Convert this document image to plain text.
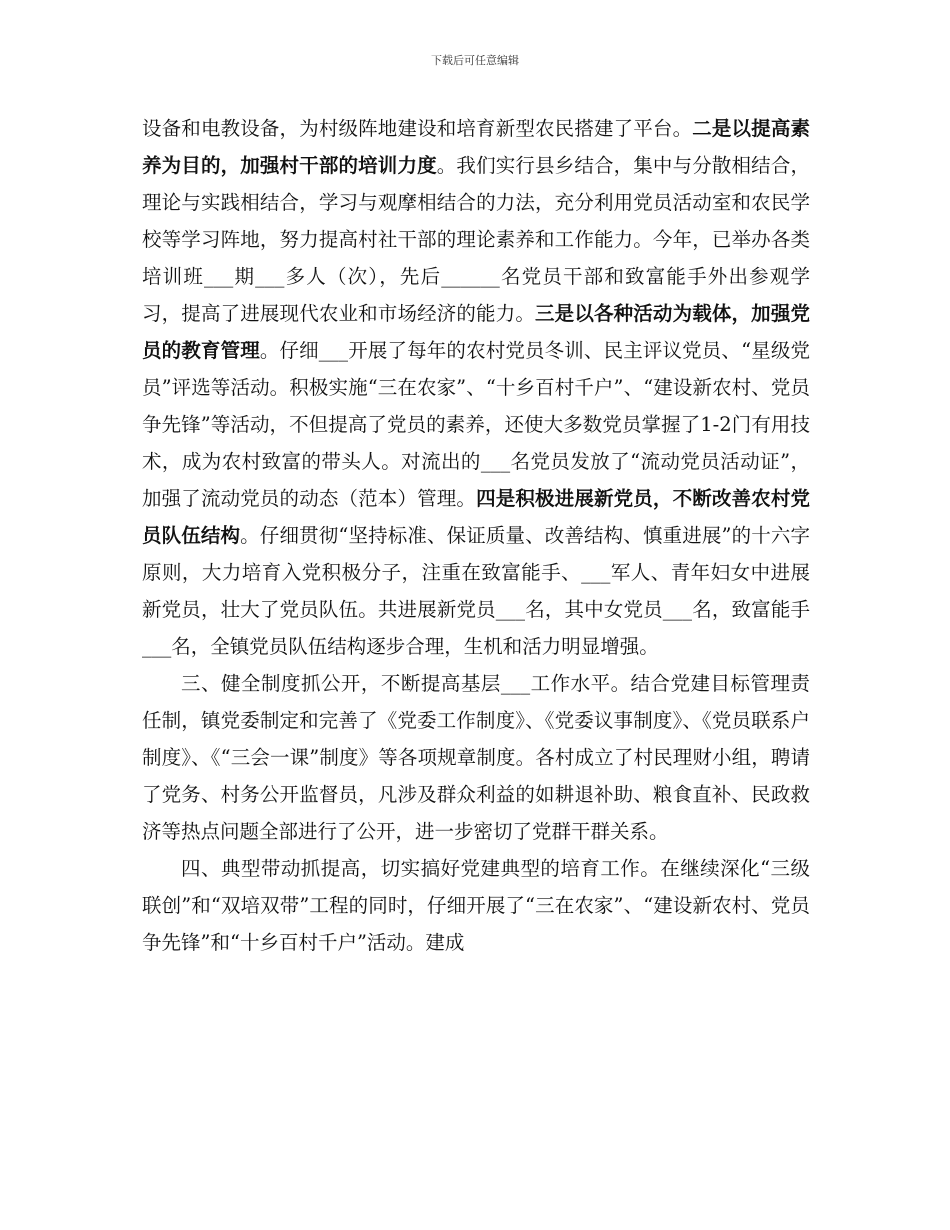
下载后可任意编辑

设备和电教设备，为村级阵地建设和培育新型农民搭建了平台。二是以提高素养为目的，加强村干部的培训力度。我们实行县乡结合，集中与分散相结合，理论与实践相结合，学习与观摩相结合的力法，充分利用党员活动室和农民学校等学习阵地，努力提高村社干部的理论素养和工作能力。今年，已举办各类培训班___期___多人（次），先后______名党员干部和致富能手外出参观学习，提高了进展现代农业和市场经济的能力。三是以各种活动为载体，加强党员的教育管理。仔细___开展了每年的农村党员冬训、民主评议党员、“星级党员”评选等活动。积极实施“三在农家”、“十乡百村千户”、“建设新农村、党员争先锋”等活动，不但提高了党员的素养，还使大多数党员掌握了1-2门有用技术，成为农村致富的带头人。对流出的___名党员发放了“流动党员活动证”，加强了流动党员的动态（范本）管理。四是积极进展新党员，不断改善农村党员队伍结构。仔细贯彻“坚持标准、保证质量、改善结构、慎重进展”的十六字原则，大力培育入党积极分子，注重在致富能手、___军人、青年妇女中进展新党员，壮大了党员队伍。共进展新党员___名，其中女党员___名，致富能手___名，全镇党员队伍结构逐步合理，生机和活力明显增强。

三、健全制度抓公开，不断提高基层___工作水平。结合党建目标管理责任制，镇党委制定和完善了《党委工作制度》、《党委议事制度》、《党员联系户制度》、《“三会一课”制度》等各项规章制度。各村成立了村民理财小组，聘请了党务、村务公开监督员，凡涉及群众利益的如耕退补助、粮食直补、民政救济等热点问题全部进行了公开，进一步密切了党群干群关系。

四、典型带动抓提高，切实搞好党建典型的培育工作。在继续深化“三级联创”和“双培双带”工程的同时，仔细开展了“三在农家”、“建设新农村、党员争先锋”和“十乡百村千户”活动。建成
